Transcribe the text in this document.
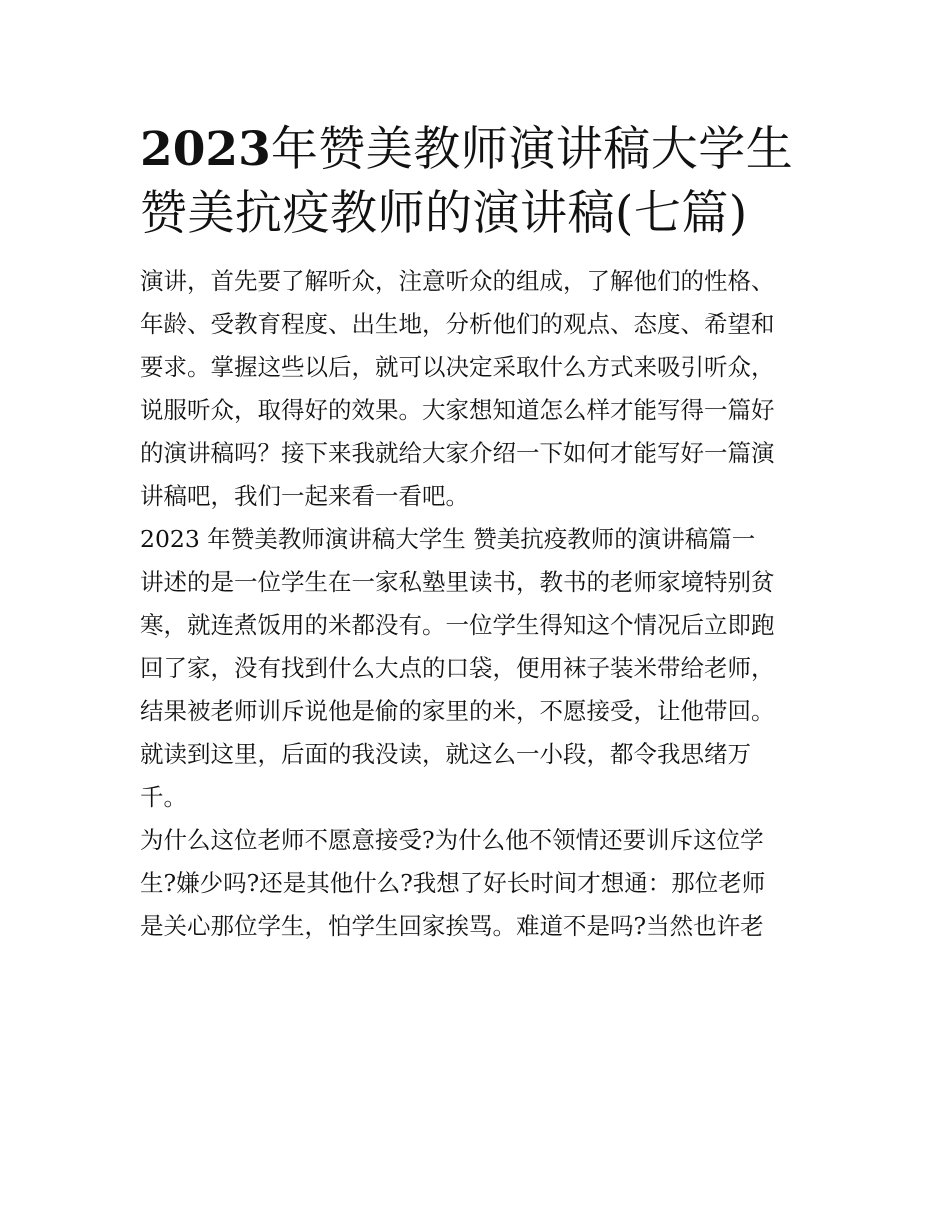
2023年赞美教师演讲稿大学生
赞美抗疫教师的演讲稿(七篇)

演讲，首先要了解听众，注意听众的组成，了解他们的性格、
年龄、受教育程度、出生地，分析他们的观点、态度、希望和
要求。掌握这些以后，就可以决定采取什么方式来吸引听众，
说服听众，取得好的效果。大家想知道怎么样才能写得一篇好
的演讲稿吗？接下来我就给大家介绍一下如何才能写好一篇演
讲稿吧，我们一起来看一看吧。

2023 年赞美教师演讲稿大学生 赞美抗疫教师的演讲稿篇一

讲述的是一位学生在一家私塾里读书，教书的老师家境特别贫
寒，就连煮饭用的米都没有。一位学生得知这个情况后立即跑
回了家，没有找到什么大点的口袋，便用袜子装米带给老师，
结果被老师训斥说他是偷的家里的米，不愿接受，让他带回。
就读到这里，后面的我没读，就这么一小段，都令我思绪万
千。

为什么这位老师不愿意接受?为什么他不领情还要训斥这位学
生?嫌少吗?还是其他什么?我想了好长时间才想通：那位老师
是关心那位学生，怕学生回家挨骂。难道不是吗?当然也许老
